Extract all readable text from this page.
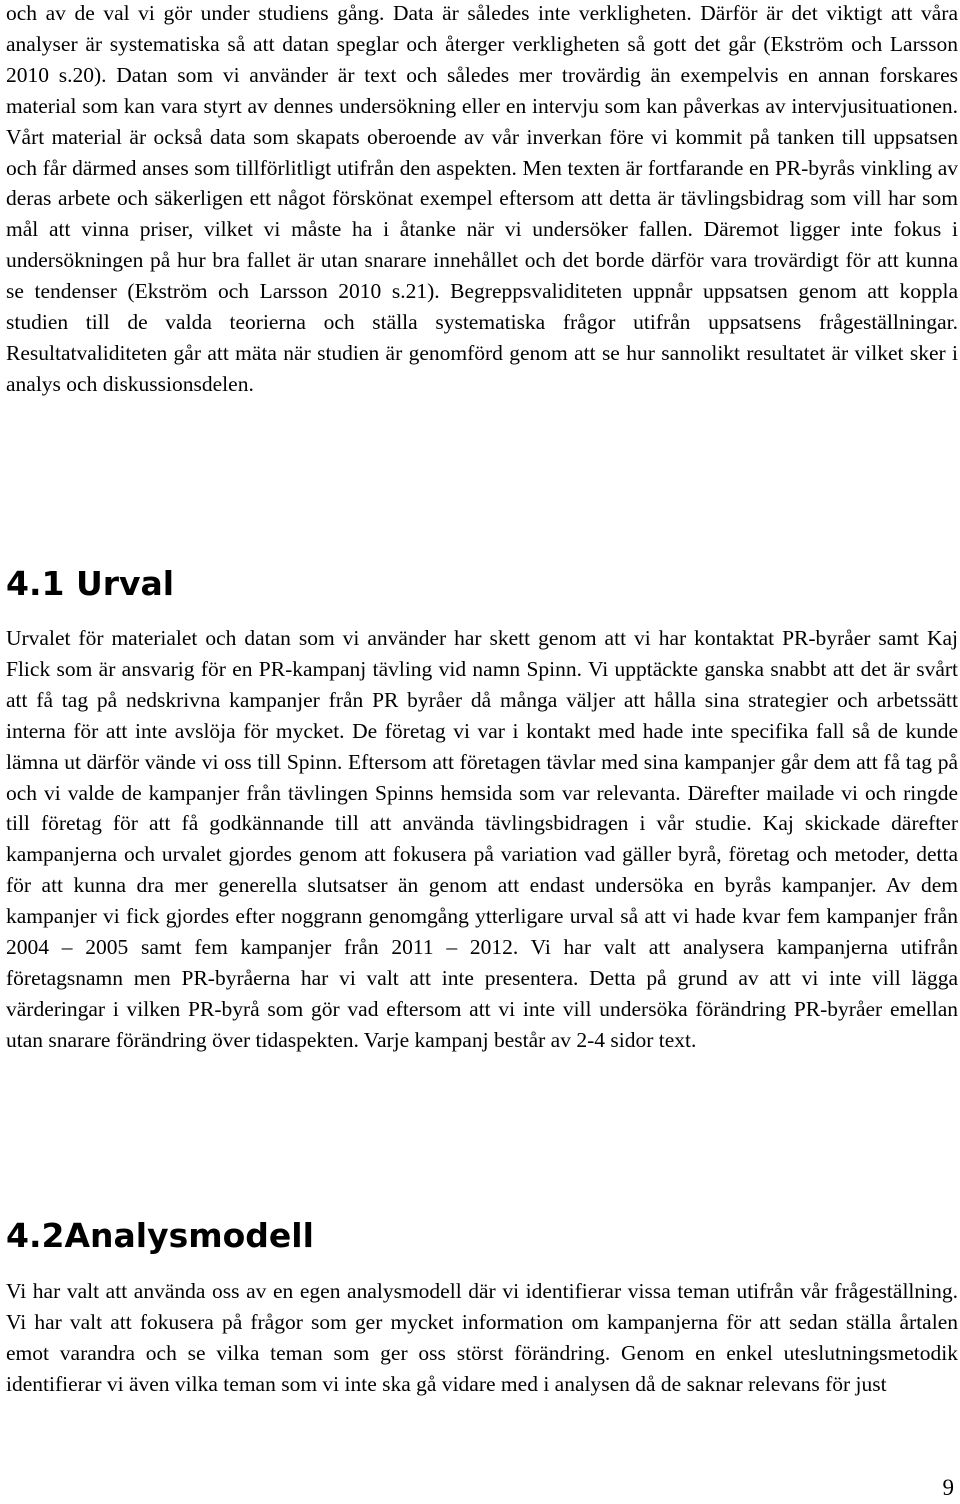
och av de val vi gör under studiens gång. Data är således inte verkligheten. Därför är det viktigt att våra analyser är systematiska så att datan speglar och återger verkligheten så gott det går (Ekström och Larsson 2010 s.20). Datan som vi använder är text och således mer trovärdig än exempelvis en annan forskares material som kan vara styrt av dennes undersökning eller en intervju som kan påverkas av intervjusituationen. Vårt material är också data som skapats oberoende av vår inverkan före vi kommit på tanken till uppsatsen och får därmed anses som tillförlitligt utifrån den aspekten. Men texten är fortfarande en PR-byrås vinkling av deras arbete och säkerligen ett något förskönat exempel eftersom att detta är tävlingsbidrag som vill har som mål att vinna priser, vilket vi måste ha i åtanke när vi undersöker fallen. Däremot ligger inte fokus i undersökningen på hur bra fallet är utan snarare innehållet och det borde därför vara trovärdigt för att kunna se tendenser (Ekström och Larsson 2010 s.21). Begreppsvaliditeten uppnår uppsatsen genom att koppla studien till de valda teorierna och ställa systematiska frågor utifrån uppsatsens frågeställningar. Resultatvaliditeten går att mäta när studien är genomförd genom att se hur sannolikt resultatet är vilket sker i analys och diskussionsdelen.

4.1 Urval

Urvalet för materialet och datan som vi använder har skett genom att vi har kontaktat PR-byråer samt Kaj Flick som är ansvarig för en PR-kampanj tävling vid namn Spinn. Vi upptäckte ganska snabbt att det är svårt att få tag på nedskrivna kampanjer från PR byråer då många väljer att hålla sina strategier och arbetssätt interna för att inte avslöja för mycket. De företag vi var i kontakt med hade inte specifika fall så de kunde lämna ut därför vände vi oss till Spinn. Eftersom att företagen tävlar med sina kampanjer går dem att få tag på och vi valde de kampanjer från tävlingen Spinns hemsida som var relevanta. Därefter mailade vi och ringde till företag för att få godkännande till att använda tävlingsbidragen i vår studie. Kaj skickade därefter kampanjerna och urvalet gjordes genom att fokusera på variation vad gäller byrå, företag och metoder, detta för att kunna dra mer generella slutsatser än genom att endast undersöka en byrås kampanjer. Av dem kampanjer vi fick gjordes efter noggrann genomgång ytterligare urval så att vi hade kvar fem kampanjer från 2004 – 2005 samt fem kampanjer från 2011 – 2012. Vi har valt att analysera kampanjerna utifrån företagsnamn men PR-byråerna har vi valt att inte presentera. Detta på grund av att vi inte vill lägga värderingar i vilken PR-byrå som gör vad eftersom att vi inte vill undersöka förändring PR-byråer emellan utan snarare förändring över tidaspekten. Varje kampanj består av 2-4 sidor text.

4.2Analysmodell

Vi har valt att använda oss av en egen analysmodell där vi identifierar vissa teman utifrån vår frågeställning. Vi har valt att fokusera på frågor som ger mycket information om kampanjerna för att sedan ställa årtalen emot varandra och se vilka teman som ger oss störst förändring. Genom en enkel uteslutningsmetodik identifierar vi även vilka teman som vi inte ska gå vidare med i analysen då de saknar relevans för just

9
